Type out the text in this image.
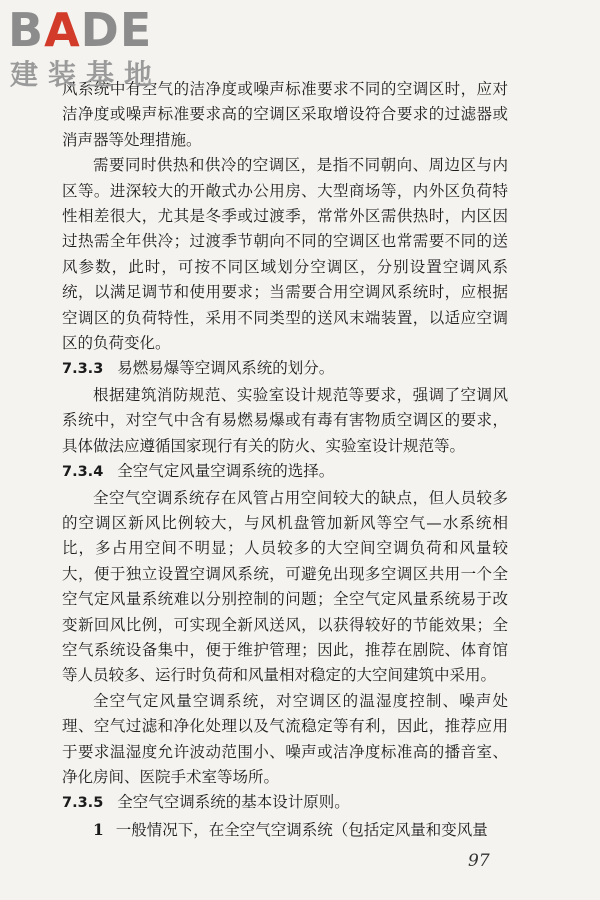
BADE
建装基地

风系统中有空气的洁净度或噪声标准要求不同的空调区时，应对洁净度或噪声标准要求高的空调区采取增设符合要求的过滤器或消声器等处理措施。

需要同时供热和供冷的空调区，是指不同朝向、周边区与内区等。进深较大的开敞式办公用房、大型商场等，内外区负荷特性相差很大，尤其是冬季或过渡季，常常外区需供热时，内区因过热需全年供冷；过渡季节朝向不同的空调区也常需要不同的送风参数，此时，可按不同区域划分空调区，分别设置空调风系统，以满足调节和使用要求；当需要合用空调风系统时，应根据空调区的负荷特性，采用不同类型的送风末端装置，以适应空调区的负荷变化。

7.3.3 易燃易爆等空调风系统的划分。

根据建筑消防规范、实验室设计规范等要求，强调了空调风系统中，对空气中含有易燃易爆或有毒有害物质空调区的要求，具体做法应遵循国家现行有关的防火、实验室设计规范等。

7.3.4 全空气定风量空调系统的选择。

全空气空调系统存在风管占用空间较大的缺点，但人员较多的空调区新风比例较大，与风机盘管加新风等空气—水系统相比，多占用空间不明显；人员较多的大空间空调负荷和风量较大，便于独立设置空调风系统，可避免出现多空调区共用一个全空气定风量系统难以分别控制的问题；全空气定风量系统易于改变新回风比例，可实现全新风送风，以获得较好的节能效果；全空气系统设备集中，便于维护管理；因此，推荐在剧院、体育馆等人员较多、运行时负荷和风量相对稳定的大空间建筑中采用。

全空气定风量空调系统，对空调区的温湿度控制、噪声处理、空气过滤和净化处理以及气流稳定等有利，因此，推荐应用于要求温湿度允许波动范围小、噪声或洁净度标准高的播音室、净化房间、医院手术室等场所。

7.3.5 全空气空调系统的基本设计原则。

1 一般情况下，在全空气空调系统（包括定风量和变风量

97
